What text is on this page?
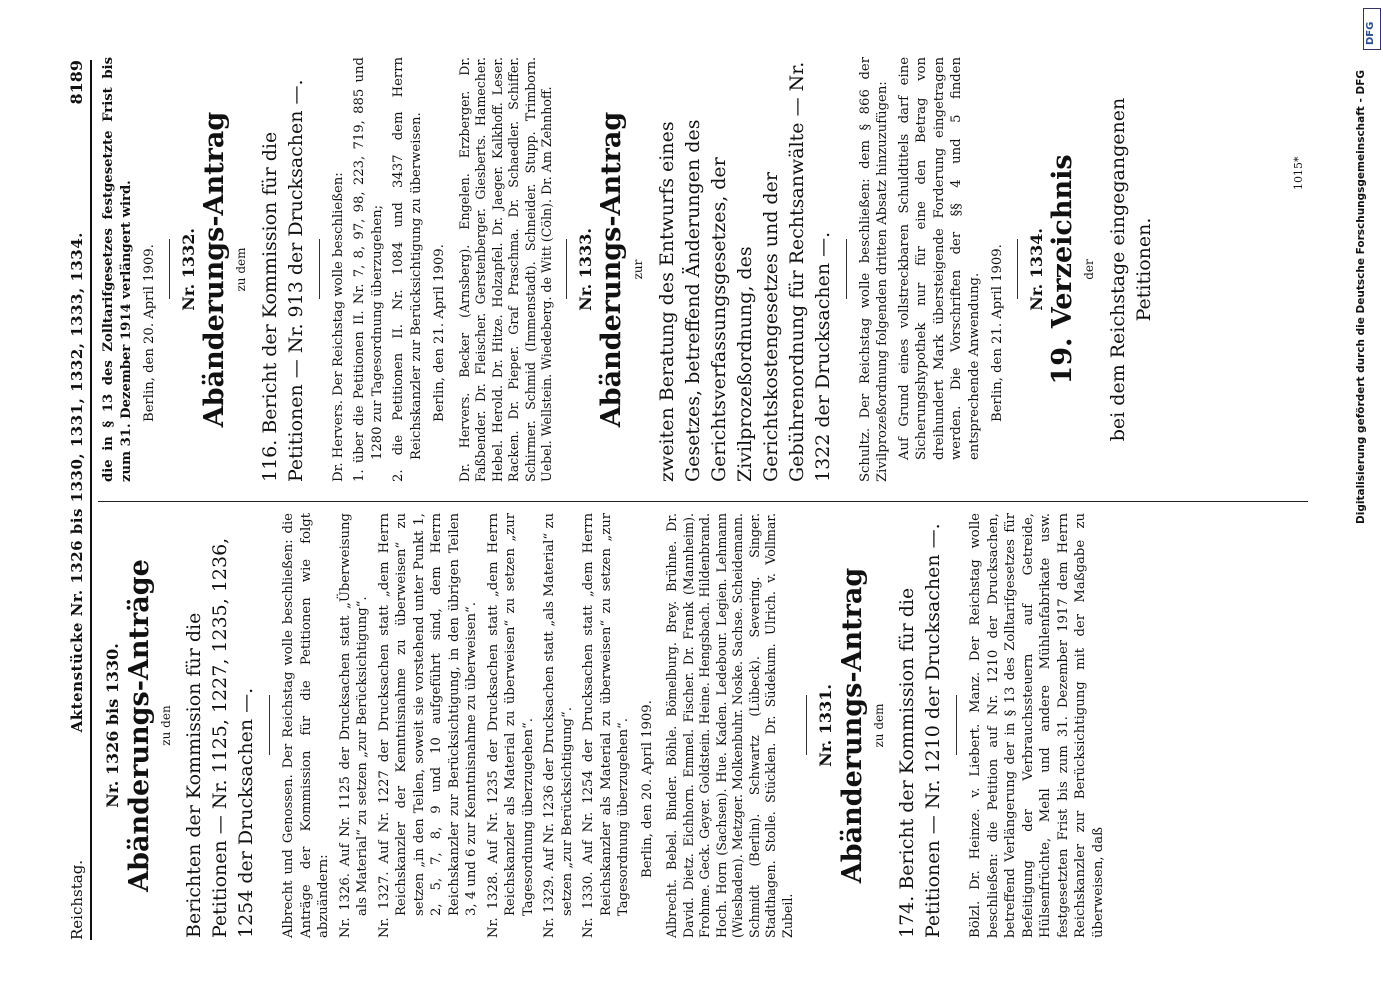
Reichstag.
Aktenstücke Nr. 1326 bis 1330, 1331, 1332, 1333, 1334.
8189
Nr. 1326 bis 1330. Abänderungs-Anträge zu den Berichten der Kommission für die Petitionen — Nr. 1125, 1227, 1235, 1236, 1254 der Drucksachen —. Albrecht und Genossen. Der Reichstag wolle beschließen: die Anträge der Kommission für die Petitionen wie folgt abzuändern: Nr. 1326. Auf Nr. 1125 der Drucksachen statt „Überweisung als Material“ zu setzen „zur Berücksichtigung“. Nr. 1327. Auf Nr. 1227 der Drucksachen statt „dem Herrn Reichskanzler der Kenntnisnahme zu überweisen“ zu setzen „in den Teilen, soweit sie vorstehend unter Punkt 1, 2, 5, 7, 8, 9 und 10 aufgeführt sind, dem Herrn Reichskanzler zur Berücksichtigung, in den übrigen Teilen 3, 4 und 6 zur Kenntnisnahme zu überweisen“. Nr. 1328. Auf Nr. 1235 der Drucksachen statt „dem Herrn Reichskanzler als Material zu überweisen“ zu setzen „zur Tagesordnung überzugehen“. Nr. 1329. Auf Nr. 1236 der Drucksachen statt „als Material“ zu setzen „zur Berücksichtigung“. Nr. 1330. Auf Nr. 1254 der Drucksachen statt „dem Herrn Reichskanzler als Material zu überweisen“ zu setzen „zur Tagesordnung überzugehen“. Berlin, den 20. April 1909. Albrecht. Bebel. Binder. Böhle. Bömelburg. Brey. Brühne. Dr. David. Dietz. Eichhorn. Emmel. Fischer. Dr. Frank (Mannheim). Frohme. Geck. Geyer. Goldstein. Heine. Hengsbach. Hildenbrand. Hoch. Horn (Sachsen). Hue. Kaden. Ledebour. Legien. Lehmann (Wiesbaden). Metzger. Molkenbuhr. Noske. Sachse. Scheidemann. Schmidt (Berlin). Schwartz (Lübeck). Severing. Singer. Stadthagen. Stolle. Stücklen. Dr. Südekum. Ulrich. v. Vollmar. Zubeil.
Nr. 1331. Abänderungs-Antrag zu dem 174. Bericht der Kommission für die Petitionen — Nr. 1210 der Drucksachen —. Bölzl. Dr. Heinze. v. Liebert. Manz. Der Reichstag wolle beschließen: die Petition auf Nr. 1210 der Drucksachen, betreffend Verlängerung der in § 13 des Zolltarifgesetzes für Befeitigung der Verbrauchssteuern auf Getreide, Hülsenfrüchte, Mehl und andere Mühlenfabrikate usw. festgesetzten Frist bis zum 31. Dezember 1917 dem Herrn Reichskanzler zur Berücksichtigung mit der Maßgabe zu überweisen, daß

die in § 13 des Zolltarifgesetzes festgesetzte Frist bis zum 31. Dezember 1914 verlängert wird. Berlin, den 20. April 1909. Nr. 1332. Abänderungs-Antrag zu dem 116. Bericht der Kommission für die Petitionen — Nr. 913 der Drucksachen —. Dr. Hervers. Der Reichstag wolle beschließen: 1. über die Petitionen II. Nr. 7, 8, 97, 98, 223, 719, 885 und 1280 zur Tagesordnung überzugehen; 2. die Petitionen II. Nr. 1084 und 3437 dem Herrn Reichskanzler zur Berücksichtigung zu überweisen. Berlin, den 21. April 1909. Dr. Hervers. Becker (Arnsberg). Engelen. Erzberger. Dr. Faßbender. Dr. Fleischer. Gerstenberger. Giesberts. Hamecher. Hebel. Herold. Dr. Hitze. Holzapfel. Dr. Jaeger. Kalkhoff. Leser. Racken. Dr. Pieper. Graf Praschma. Dr. Schaedler. Schiffer. Schirmer. Schmid (Immenstadt). Schneider. Stupp. Trimborn. Uebel. Wellstein. Wiedeberg. de Witt (Cöln). Dr. Am Zehnhoff. Nr. 1333. Abänderungs-Antrag zur zweiten Beratung des Entwurfs eines Gesetzes, betreffend Änderungen des Gerichtsverfassungsgesetzes, der Zivilprozeßordnung, des Gerichtskostengesetzes und der Gebührenordnung für Rechtsanwälte — Nr. 1322 der Drucksachen —. Schultz. Der Reichstag wolle beschließen: dem § 866 der Zivilprozeßordnung folgenden dritten Absatz hinzuzufügen: Auf Grund eines vollstreckbaren Schuldtitels darf eine Sicherungshypothek nur für eine den Betrag von dreihundert Mark übersteigende Forderung eingetragen werden. Die Vorschriften der §§ 4 und 5 finden entsprechende Anwendung. Berlin, den 21. April 1909. Nr. 1334. 19. Verzeichnis der bei dem Reichstage eingegangenen Petitionen.
1015*
DFG
Digitalisierung gefördert durch die Deutsche Forschungsgemeinschaft - DFG
